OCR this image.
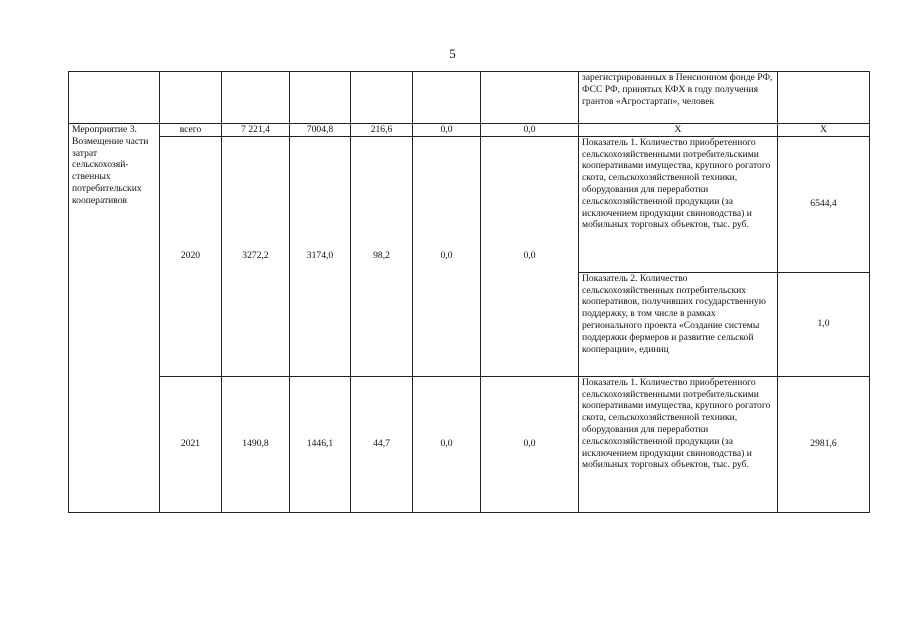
5
							зарегистрированных в Пенсионном фонде РФ, ФСС РФ, принятых КФХ в году получения грантов «Агростартап», человек	
Мероприятие 3. Возмещение части затрат сельскохозяй-ственных потребительских кооперативов	всего	7 221,4	7004,8	216,6	0,0	0,0	Х	Х
	2020	3272,2	3174,0	98,2	0,0	0,0	Показатель 1. Количество приобретенного сельскохозяйственными потребительскими кооперативами имущества, крупного рогатого скота, сельскохозяйственной техники, оборудования для переработки сельскохозяйственной продукции (за исключением продукции свиноводства) и мобильных торговых объектов, тыс. руб.	6544,4
							Показатель 2. Количество сельскохозяйственных потребительских кооперативов, получивших государственную поддержку, в том числе в рамках регионального проекта «Создание системы поддержки фермеров и развитие сельской кооперации», единиц	1,0
	2021	1490,8	1446,1	44,7	0,0	0,0	Показатель 1. Количество приобретенного сельскохозяйственными потребительскими кооперативами имущества, крупного рогатого скота, сельскохозяйственной техники, оборудования для переработки сельскохозяйственной продукции (за исключением продукции свиноводства) и мобильных торговых объектов, тыс. руб.	2981,6
